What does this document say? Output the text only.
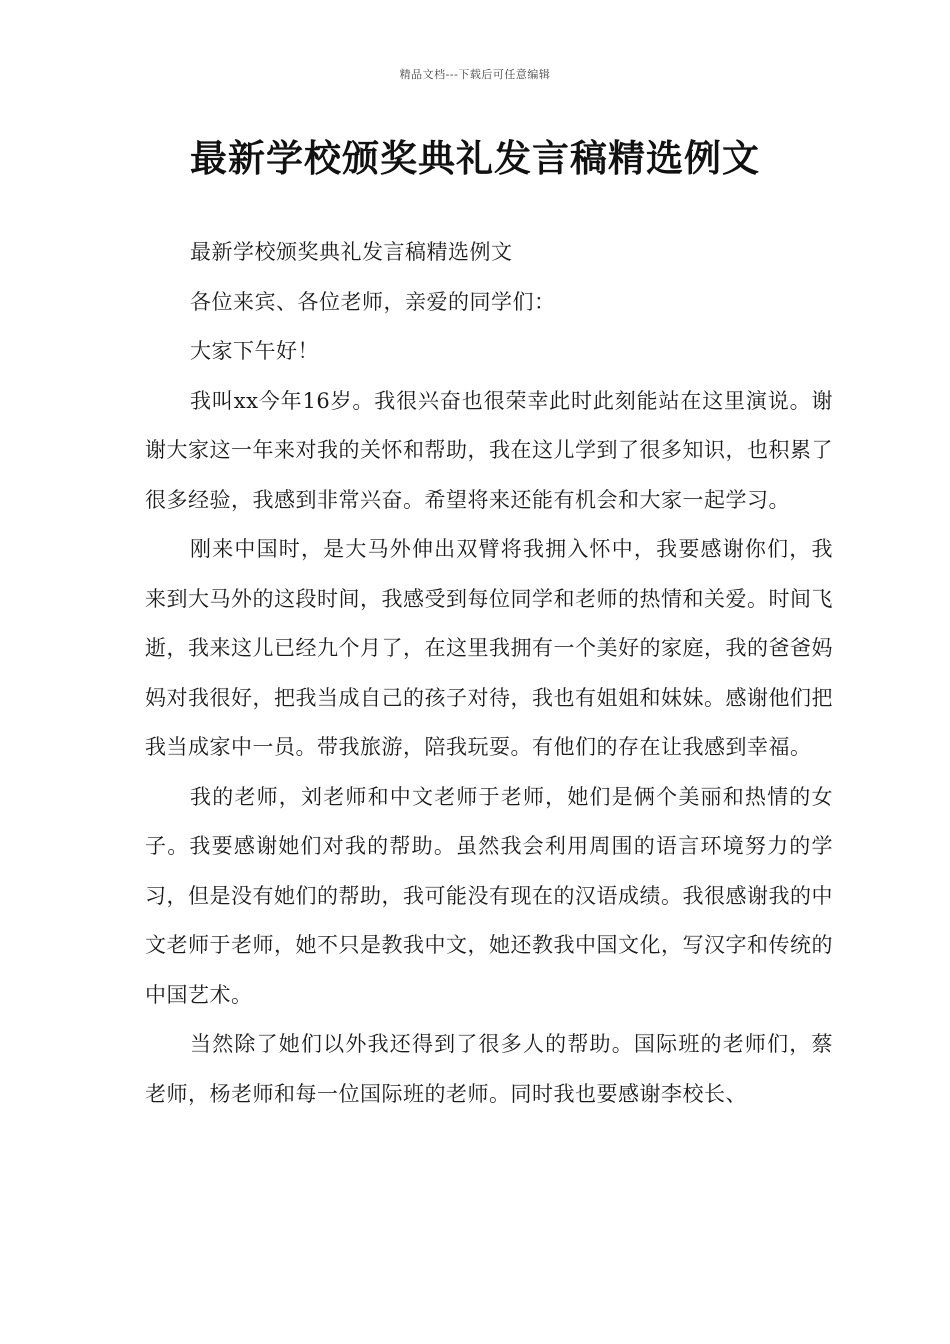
精品文档---下载后可任意编辑
最新学校颁奖典礼发言稿精选例文

最新学校颁奖典礼发言稿精选例文

各位来宾、各位老师，亲爱的同学们：

大家下午好！

我叫xx今年16岁。我很兴奋也很荣幸此时此刻能站在这里演说。谢谢大家这一年来对我的关怀和帮助，我在这儿学到了很多知识，也积累了很多经验，我感到非常兴奋。希望将来还能有机会和大家一起学习。

刚来中国时，是大马外伸出双臂将我拥入怀中，我要感谢你们，我来到大马外的这段时间，我感受到每位同学和老师的热情和关爱。时间飞逝，我来这儿已经九个月了，在这里我拥有一个美好的家庭，我的爸爸妈妈对我很好，把我当成自己的孩子对待，我也有姐姐和妹妹。感谢他们把我当成家中一员。带我旅游，陪我玩耍。有他们的存在让我感到幸福。

我的老师，刘老师和中文老师于老师，她们是俩个美丽和热情的女子。我要感谢她们对我的帮助。虽然我会利用周围的语言环境努力的学习，但是没有她们的帮助，我可能没有现在的汉语成绩。我很感谢我的中文老师于老师，她不只是教我中文，她还教我中国文化，写汉字和传统的中国艺术。

当然除了她们以外我还得到了很多人的帮助。国际班的老师们，蔡老师，杨老师和每一位国际班的老师。同时我也要感谢李校长、
